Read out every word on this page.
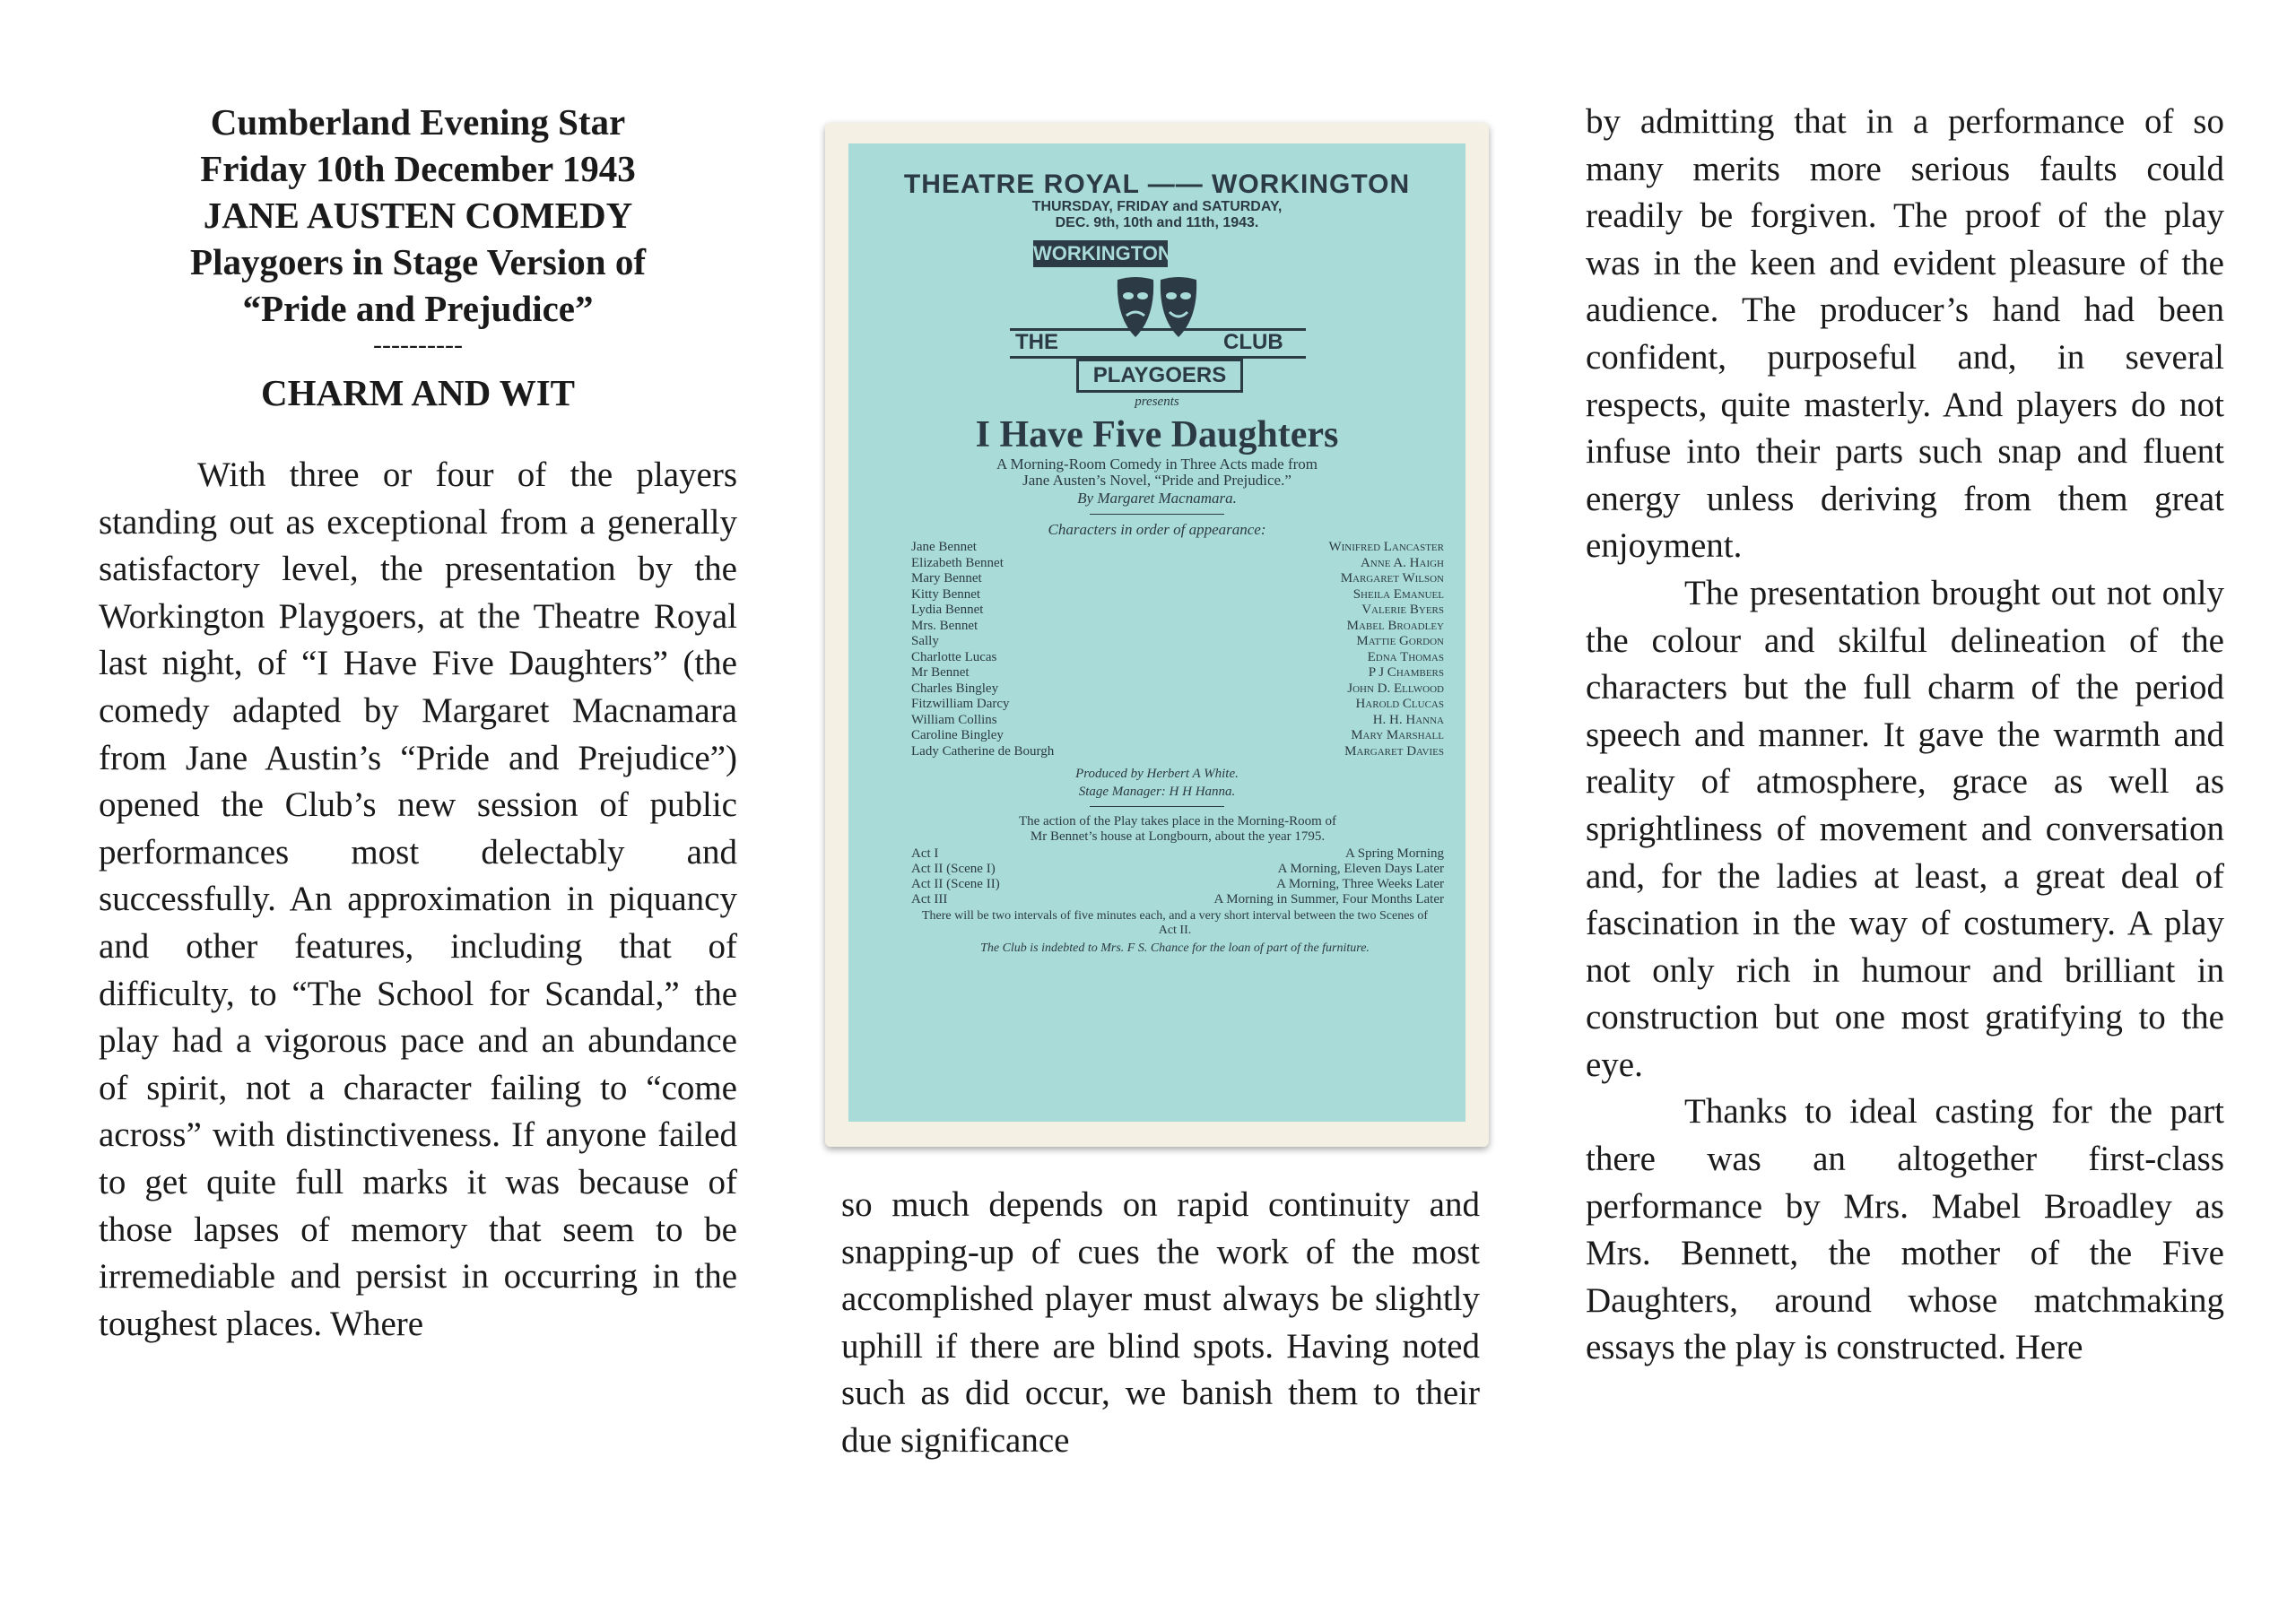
Cumberland Evening Star
Friday 10th December 1943
JANE AUSTEN COMEDY
Playgoers in Stage Version of
“Pride and Prejudice”
----------
CHARM AND WIT

With three or four of the players standing out as exceptional from a generally satisfactory level, the presentation by the Workington Playgoers, at the Theatre Royal last night, of “I Have Five Daughters” (the comedy adapted by Margaret Macnamara from Jane Austin’s “Pride and Prejudice”) opened the Club’s new session of public performances most delectably and successfully. An approximation in piquancy and other features, including that of difficulty, to “The School for Scandal,” the play had a vigorous pace and an abundance of spirit, not a character failing to “come across” with distinctiveness. If anyone failed to get quite full marks it was because of those lapses of memory that seem to be irremediable and persist in occurring in the toughest places. Where

THEATRE ROYAL —— WORKINGTON
THURSDAY, FRIDAY and SATURDAY,
DEC. 9th, 10th and 11th, 1943.
WORKINGTON
THE	CLUB
PLAYGOERS
presents
I Have Five Daughters
A Morning-Room Comedy in Three Acts made from
Jane Austen’s Novel, “Pride and Prejudice.”
By Margaret Macnamara.
Characters in order of appearance:
Jane Bennet	Winifred Lancaster
Elizabeth Bennet	Anne A. Haigh
Mary Bennet	Margaret Wilson
Kitty Bennet	Sheila Emanuel
Lydia Bennet	Valerie Byers
Mrs. Bennet	Mabel Broadley
Sally	Mattie Gordon
Charlotte Lucas	Edna Thomas
Mr Bennet	P J Chambers
Charles Bingley	John D. Ellwood
Fitzwilliam Darcy	Harold Clucas
William Collins	H. H. Hanna
Caroline Bingley	Mary Marshall
Lady Catherine de Bourgh	Margaret Davies
Produced by Herbert A White.
Stage Manager: H H Hanna.
The action of the Play takes place in the Morning-Room of
Mr Bennet’s house at Longbourn, about the year 1795.
Act I	A Spring Morning
Act II (Scene I)	A Morning, Eleven Days Later
Act II (Scene II)	A Morning, Three Weeks Later
Act III	A Morning in Summer, Four Months Later
There will be two intervals of five minutes each, and a very short interval between the two Scenes of Act II.
The Club is indebted to Mrs. F S. Chance for the loan of part of the furniture.

so much depends on rapid continuity and snapping-up of cues the work of the most accomplished player must always be slightly uphill if there are blind spots. Having noted such as did occur, we banish them to their due significance

by admitting that in a performance of so many merits more serious faults could readily be forgiven. The proof of the play was in the keen and evident pleasure of the audience. The producer’s hand had been confident, purposeful and, in several respects, quite masterly. And players do not infuse into their parts such snap and fluent energy unless deriving from them great enjoyment.

The presentation brought out not only the colour and skilful delineation of the characters but the full charm of the period speech and manner. It gave the warmth and reality of atmosphere, grace as well as sprightliness of movement and conversation and, for the ladies at least, a great deal of fascination in the way of costumery. A play not only rich in humour and brilliant in construction but one most gratifying to the eye.

Thanks to ideal casting for the part there was an altogether first-class performance by Mrs. Mabel Broadley as Mrs. Bennett, the mother of the Five Daughters, around whose matchmaking essays the play is constructed. Here
